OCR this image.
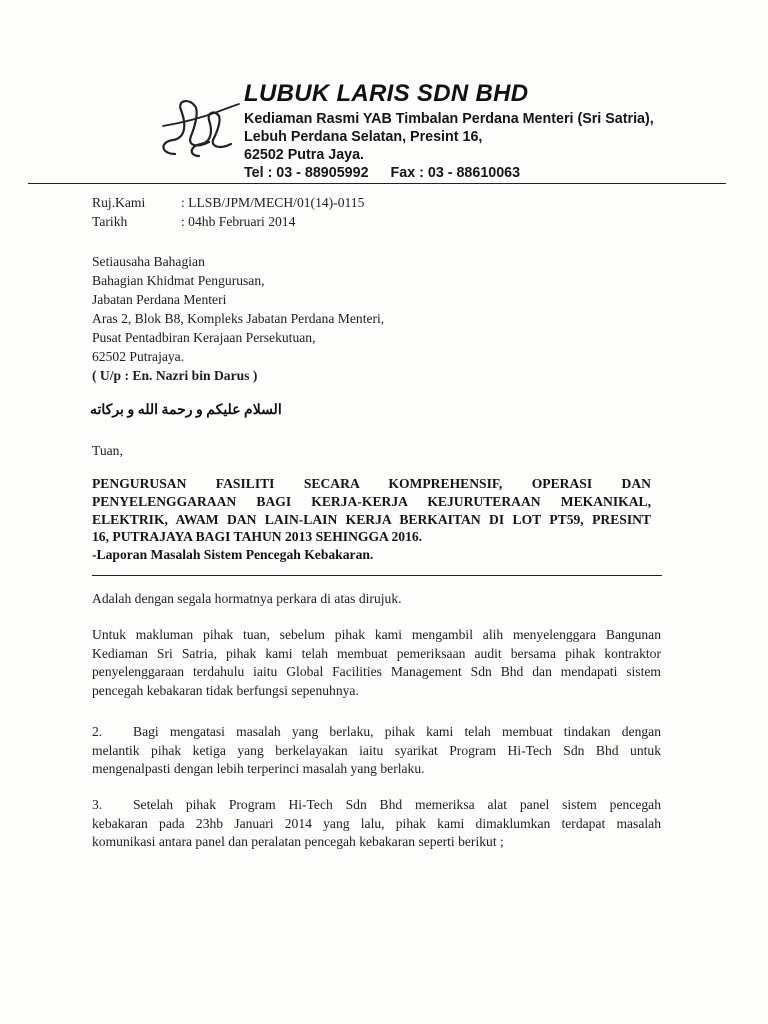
LUBUK LARIS SDN BHD
Kediaman Rasmi YAB Timbalan Perdana Menteri (Sri Satria),
Lebuh Perdana Selatan, Presint 16,
62502 Putra Jaya.
Tel : 03 - 88905992 Fax : 03 - 88610063
Ruj.Kami	: LLSB/JPM/MECH/01(14)-0115
Tarikh	: 04hb Februari 2014
Setiausaha Bahagian
Bahagian Khidmat Pengurusan,
Jabatan Perdana Menteri
Aras 2, Blok B8, Kompleks Jabatan Perdana Menteri,
Pusat Pentadbiran Kerajaan Persekutuan,
62502 Putrajaya.
( U/p : En. Nazri bin Darus )
السلام عليكم و رحمة الله و بركاته
Tuan,
PENGURUSAN FASILITI SECARA KOMPREHENSIF, OPERASI DAN
PENYELENGGARAAN BAGI KERJA-KERJA KEJURUTERAAN MEKANIKAL,
ELEKTRIK, AWAM DAN LAIN-LAIN KERJA BERKAITAN DI LOT PT59, PRESINT
16, PUTRAJAYA BAGI TAHUN 2013 SEHINGGA 2016.
-Laporan Masalah Sistem Pencegah Kebakaran.
Adalah dengan segala hormatnya perkara di atas dirujuk.
Untuk makluman pihak tuan, sebelum pihak kami mengambil alih menyelenggara Bangunan
Kediaman Sri Satria, pihak kami telah membuat pemeriksaan audit bersama pihak kontraktor
penyelenggaraan terdahulu iaitu Global Facilities Management Sdn Bhd dan mendapati sistem
pencegah kebakaran tidak berfungsi sepenuhnya.
2. Bagi mengatasi masalah yang berlaku, pihak kami telah membuat tindakan dengan
melantik pihak ketiga yang berkelayakan iaitu syarikat Program Hi-Tech Sdn Bhd untuk
mengenalpasti dengan lebih terperinci masalah yang berlaku.
3. Setelah pihak Program Hi-Tech Sdn Bhd memeriksa alat panel sistem pencegah
kebakaran pada 23hb Januari 2014 yang lalu, pihak kami dimaklumkan terdapat masalah
komunikasi antara panel dan peralatan pencegah kebakaran seperti berikut ;
